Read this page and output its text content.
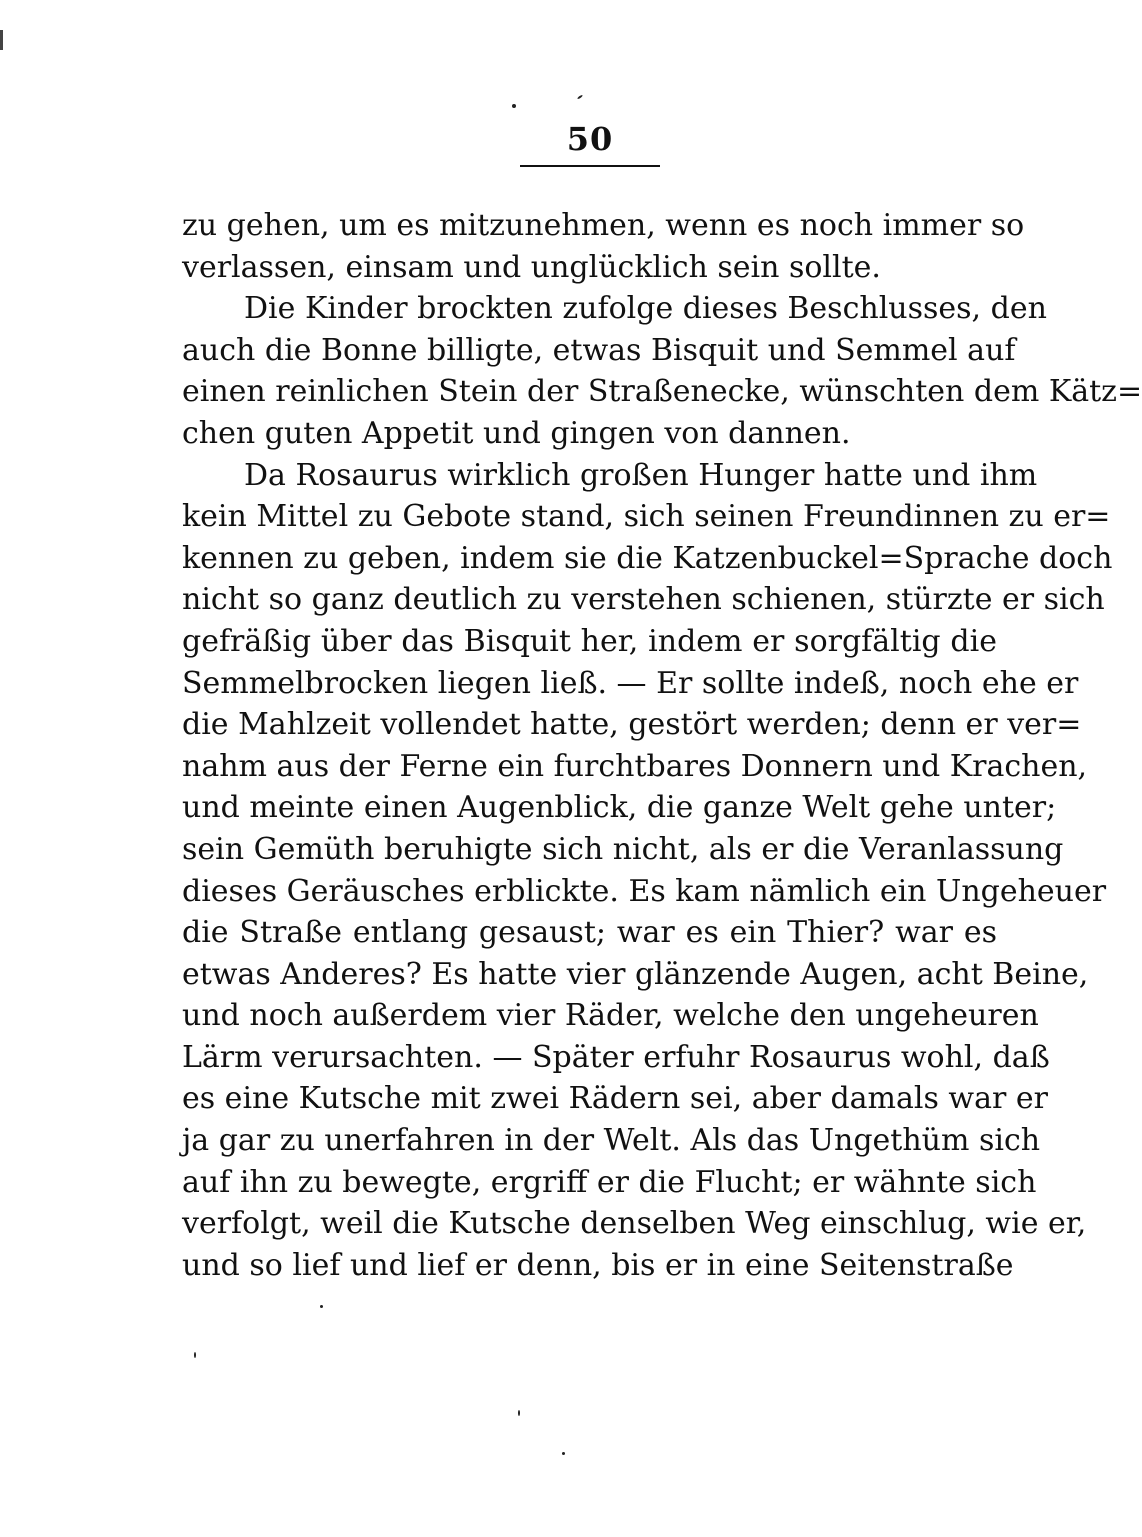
50
zu gehen, um es mitzunehmen, wenn es noch immer so
verlassen, einsam und unglücklich sein sollte.
Die Kinder brockten zufolge dieses Beschlusses, den
auch die Bonne billigte, etwas Bisquit und Semmel auf
einen reinlichen Stein der Straßenecke, wünschten dem Kätz=
chen guten Appetit und gingen von dannen.
Da Rosaurus wirklich großen Hunger hatte und ihm
kein Mittel zu Gebote stand, sich seinen Freundinnen zu er=
kennen zu geben, indem sie die Katzenbuckel=Sprache doch
nicht so ganz deutlich zu verstehen schienen, stürzte er sich
gefräßig über das Bisquit her, indem er sorgfältig die
Semmelbrocken liegen ließ. — Er sollte indeß, noch ehe er
die Mahlzeit vollendet hatte, gestört werden; denn er ver=
nahm aus der Ferne ein furchtbares Donnern und Krachen,
und meinte einen Augenblick, die ganze Welt gehe unter;
sein Gemüth beruhigte sich nicht, als er die Veranlassung
dieses Geräusches erblickte. Es kam nämlich ein Ungeheuer
die Straße entlang gesaust; war es ein Thier? war es
etwas Anderes? Es hatte vier glänzende Augen, acht Beine,
und noch außerdem vier Räder, welche den ungeheuren
Lärm verursachten. — Später erfuhr Rosaurus wohl, daß
es eine Kutsche mit zwei Rädern sei, aber damals war er
ja gar zu unerfahren in der Welt. Als das Ungethüm sich
auf ihn zu bewegte, ergriff er die Flucht; er wähnte sich
verfolgt, weil die Kutsche denselben Weg einschlug, wie er,
und so lief und lief er denn, bis er in eine Seitenstraße
